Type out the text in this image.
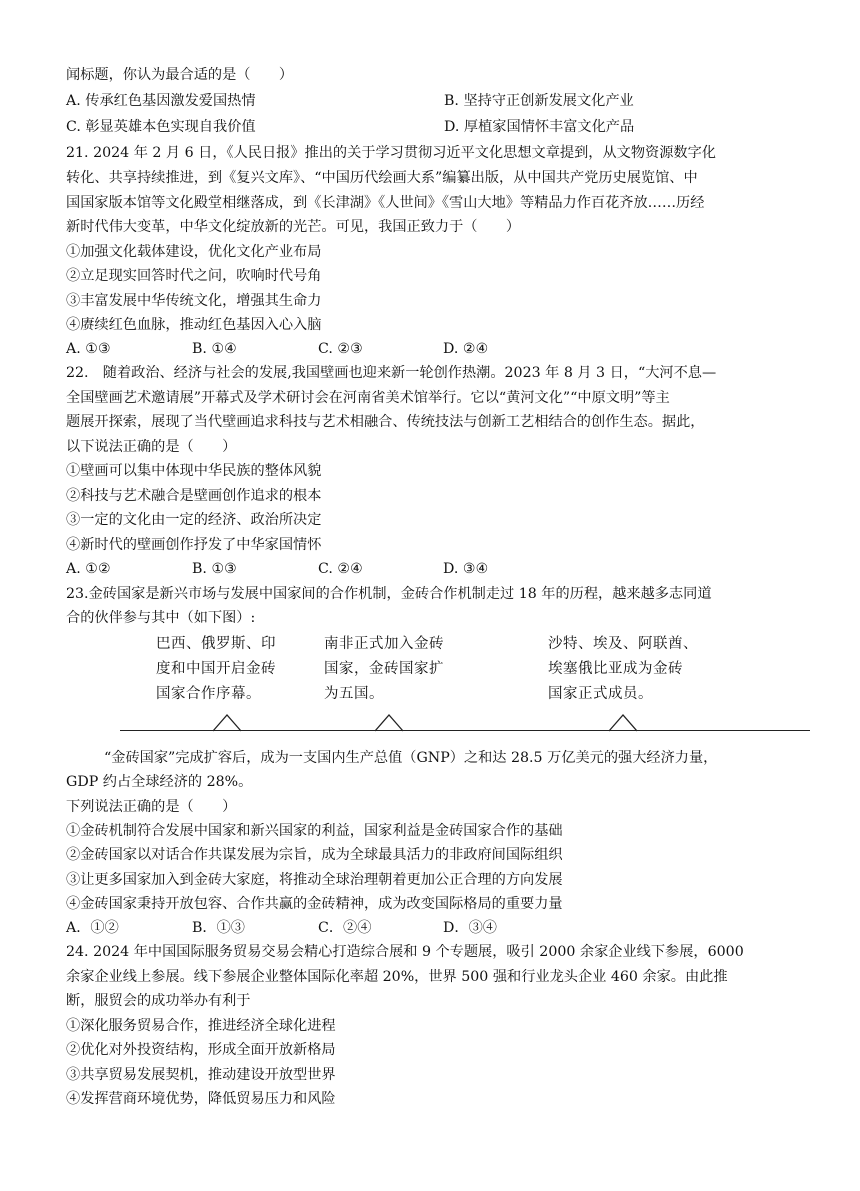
闻标题，你认为最合适的是（　　）
A. 传承红色基因激发爱国热情	B. 坚持守正创新发展文化产业
C. 彰显英雄本色实现自我价值	D. 厚植家国情怀丰富文化产品
21. 2024 年 2 月 6 日，《人民日报》推出的关于学习贯彻习近平文化思想文章提到，从文物资源数字化
转化、共享持续推进，到《复兴文库》、“中国历代绘画大系”编纂出版，从中国共产党历史展览馆、中
国国家版本馆等文化殿堂相继落成，到《长津湖》《人世间》《雪山大地》等精品力作百花齐放……历经
新时代伟大变革，中华文化绽放新的光芒。可见，我国正致力于（　　）
①加强文化载体建设，优化文化产业布局
②立足现实回答时代之问，吹响时代号角
③丰富发展中华传统文化，增强其生命力
④赓续红色血脉，推动红色基因入心入脑
A. ①③	B. ①④	C. ②③	D. ②④
22.　随着政治、经济与社会的发展,我国壁画也迎来新一轮创作热潮。2023 年 8 月 3 日，“大河不息—
全国壁画艺术邀请展”开幕式及学术研讨会在河南省美术馆举行。它以“黄河文化”“中原文明”等主
题展开探索，展现了当代壁画追求科技与艺术相融合、传统技法与创新工艺相结合的创作生态。据此，
以下说法正确的是（　　）
①壁画可以集中体现中华民族的整体风貌
②科技与艺术融合是壁画创作追求的根本
③一定的文化由一定的经济、政治所决定
④新时代的壁画创作抒发了中华家国情怀
A. ①②	B. ①③	C. ②④	D. ③④
23.金砖国家是新兴市场与发展中国家间的合作机制，金砖合作机制走过 18 年的历程，越来越多志同道
合的伙伴参与其中（如下图）:
巴西、俄罗斯、印
度和中国开启金砖
国家合作序幕。
南非正式加入金砖
国家，金砖国家扩
为五国。
沙特、埃及、阿联酋、
埃塞俄比亚成为金砖
国家正式成员。
“金砖国家”完成扩容后，成为一支国内生产总值（GNP）之和达 28.5 万亿美元的强大经济力量，
GDP 约占全球经济的 28%。
下列说法正确的是（　　）
①金砖机制符合发展中国家和新兴国家的利益，国家利益是金砖国家合作的基础
②金砖国家以对话合作共谋发展为宗旨，成为全球最具活力的非政府间国际组织
③让更多国家加入到金砖大家庭，将推动全球治理朝着更加公正合理的方向发展
④金砖国家秉持开放包容、合作共赢的金砖精神，成为改变国际格局的重要力量
A．①②	B．①③	C．②④	D．③④
24. 2024 年中国国际服务贸易交易会精心打造综合展和 9 个专题展，吸引 2000 余家企业线下参展，6000
余家企业线上参展。线下参展企业整体国际化率超 20%，世界 500 强和行业龙头企业 460 余家。由此推
断，服贸会的成功举办有利于
①深化服务贸易合作，推进经济全球化进程
②优化对外投资结构，形成全面开放新格局
③共享贸易发展契机，推动建设开放型世界
④发挥营商环境优势，降低贸易压力和风险
